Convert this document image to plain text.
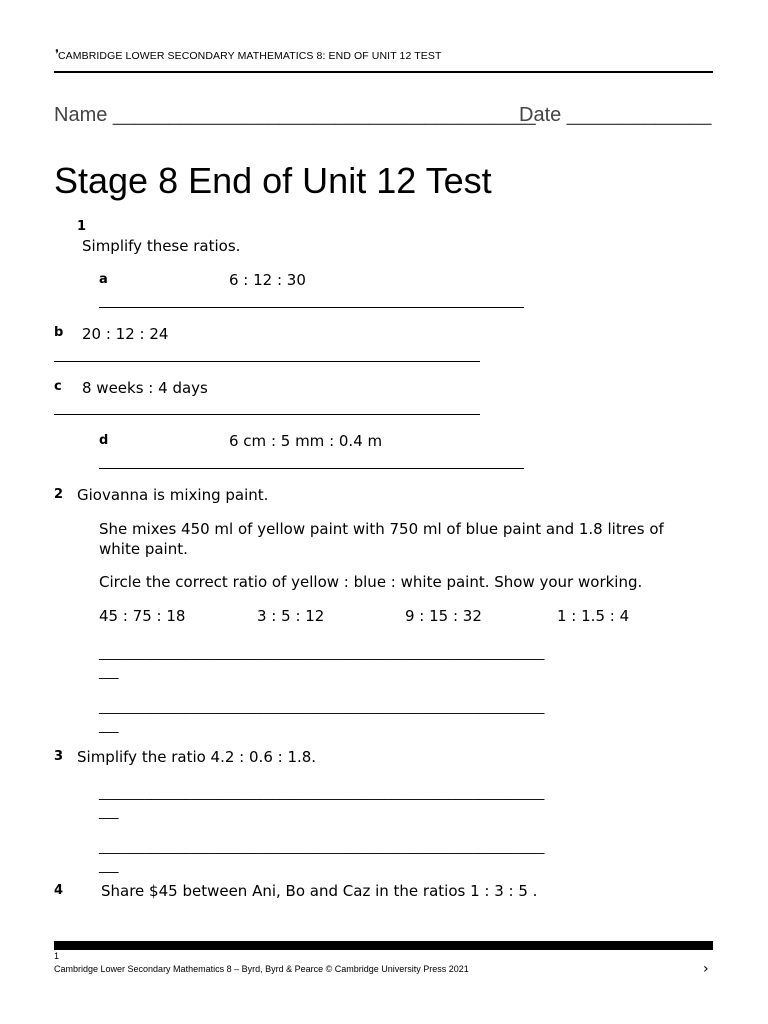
❜ CAMBRIDGE LOWER SECONDARY MATHEMATICS 8: END OF UNIT 12 TEST
Name ______________________________________
Date _____________
Stage 8 End of Unit 12 Test
1
Simplify these ratios.
a	6 : 12 : 30
b 20 : 12 : 24
c 8 weeks : 4 days
d	6 cm : 5 mm : 0.4 m
2 Giovanna is mixing paint.
She mixes 450 ml of yellow paint with 750 ml of blue paint and 1.8 litres of white paint.
Circle the correct ratio of yellow : blue : white paint. Show your working.
45 : 75 : 18	3 : 5 : 12	9 : 15 : 32	1 : 1.5 : 4
____________________________________________________________________
___
____________________________________________________________________
___
3 Simplify the ratio 4.2 : 0.6 : 1.8.
____________________________________________________________________
___
____________________________________________________________________
___
4	Share $45 between Ani, Bo and Caz in the ratios 1 : 3 : 5 .
1
Cambridge Lower Secondary Mathematics 8 – Byrd, Byrd & Pearce © Cambridge University Press 2021	›
